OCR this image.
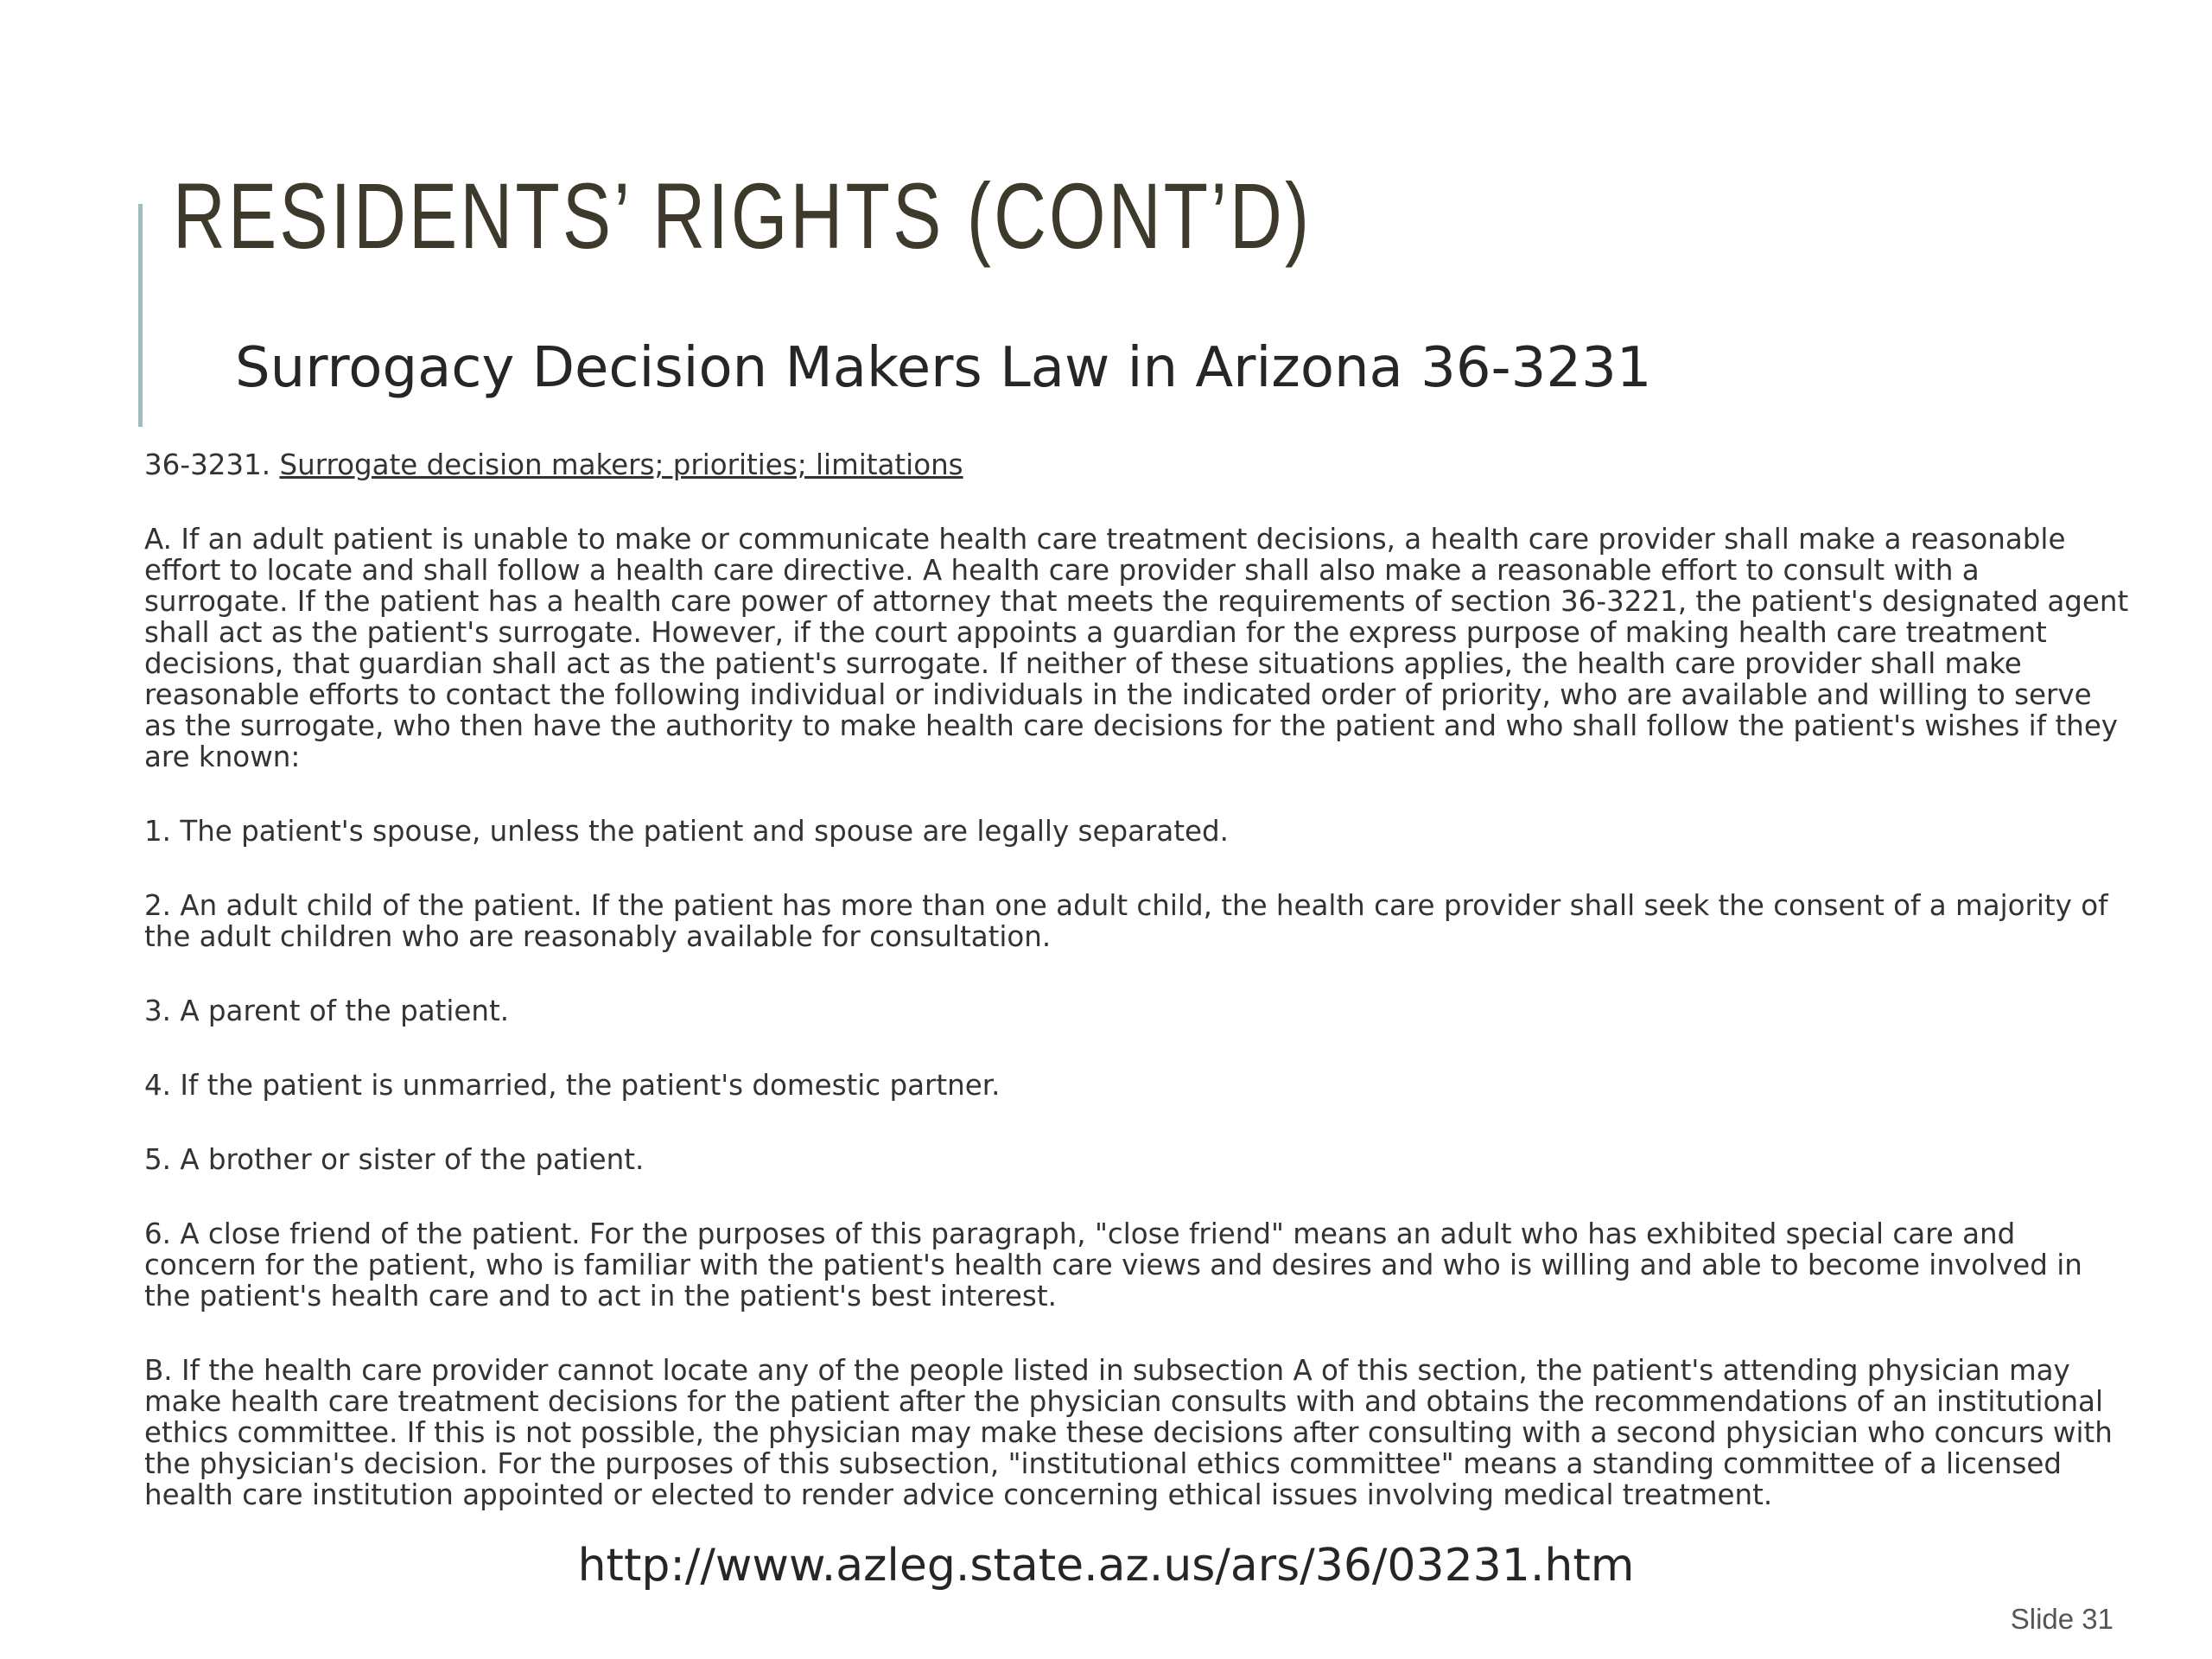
RESIDENTS’ RIGHTS (CONT’D)
Surrogacy Decision Makers Law in Arizona 36-3231

36-3231. Surrogate decision makers; priorities; limitations

A. If an adult patient is unable to make or communicate health care treatment decisions, a health care provider shall make a reasonable effort to locate and shall follow a health care directive. A health care provider shall also make a reasonable effort to consult with a surrogate. If the patient has a health care power of attorney that meets the requirements of section 36-3221, the patient's designated agent shall act as the patient's surrogate. However, if the court appoints a guardian for the express purpose of making health care treatment decisions, that guardian shall act as the patient's surrogate. If neither of these situations applies, the health care provider shall make reasonable efforts to contact the following individual or individuals in the indicated order of priority, who are available and willing to serve as the surrogate, who then have the authority to make health care decisions for the patient and who shall follow the patient's wishes if they are known:

1. The patient's spouse, unless the patient and spouse are legally separated.

2. An adult child of the patient. If the patient has more than one adult child, the health care provider shall seek the consent of a majority of the adult children who are reasonably available for consultation.

3. A parent of the patient.

4. If the patient is unmarried, the patient's domestic partner.

5. A brother or sister of the patient.

6. A close friend of the patient. For the purposes of this paragraph, "close friend" means an adult who has exhibited special care and concern for the patient, who is familiar with the patient's health care views and desires and who is willing and able to become involved in the patient's health care and to act in the patient's best interest.

B. If the health care provider cannot locate any of the people listed in subsection A of this section, the patient's attending physician may make health care treatment decisions for the patient after the physician consults with and obtains the recommendations of an institutional ethics committee. If this is not possible, the physician may make these decisions after consulting with a second physician who concurs with the physician's decision. For the purposes of this subsection, "institutional ethics committee" means a standing committee of a licensed health care institution appointed or elected to render advice concerning ethical issues involving medical treatment.

http://www.azleg.state.az.us/ars/36/03231.htm
Slide 31
